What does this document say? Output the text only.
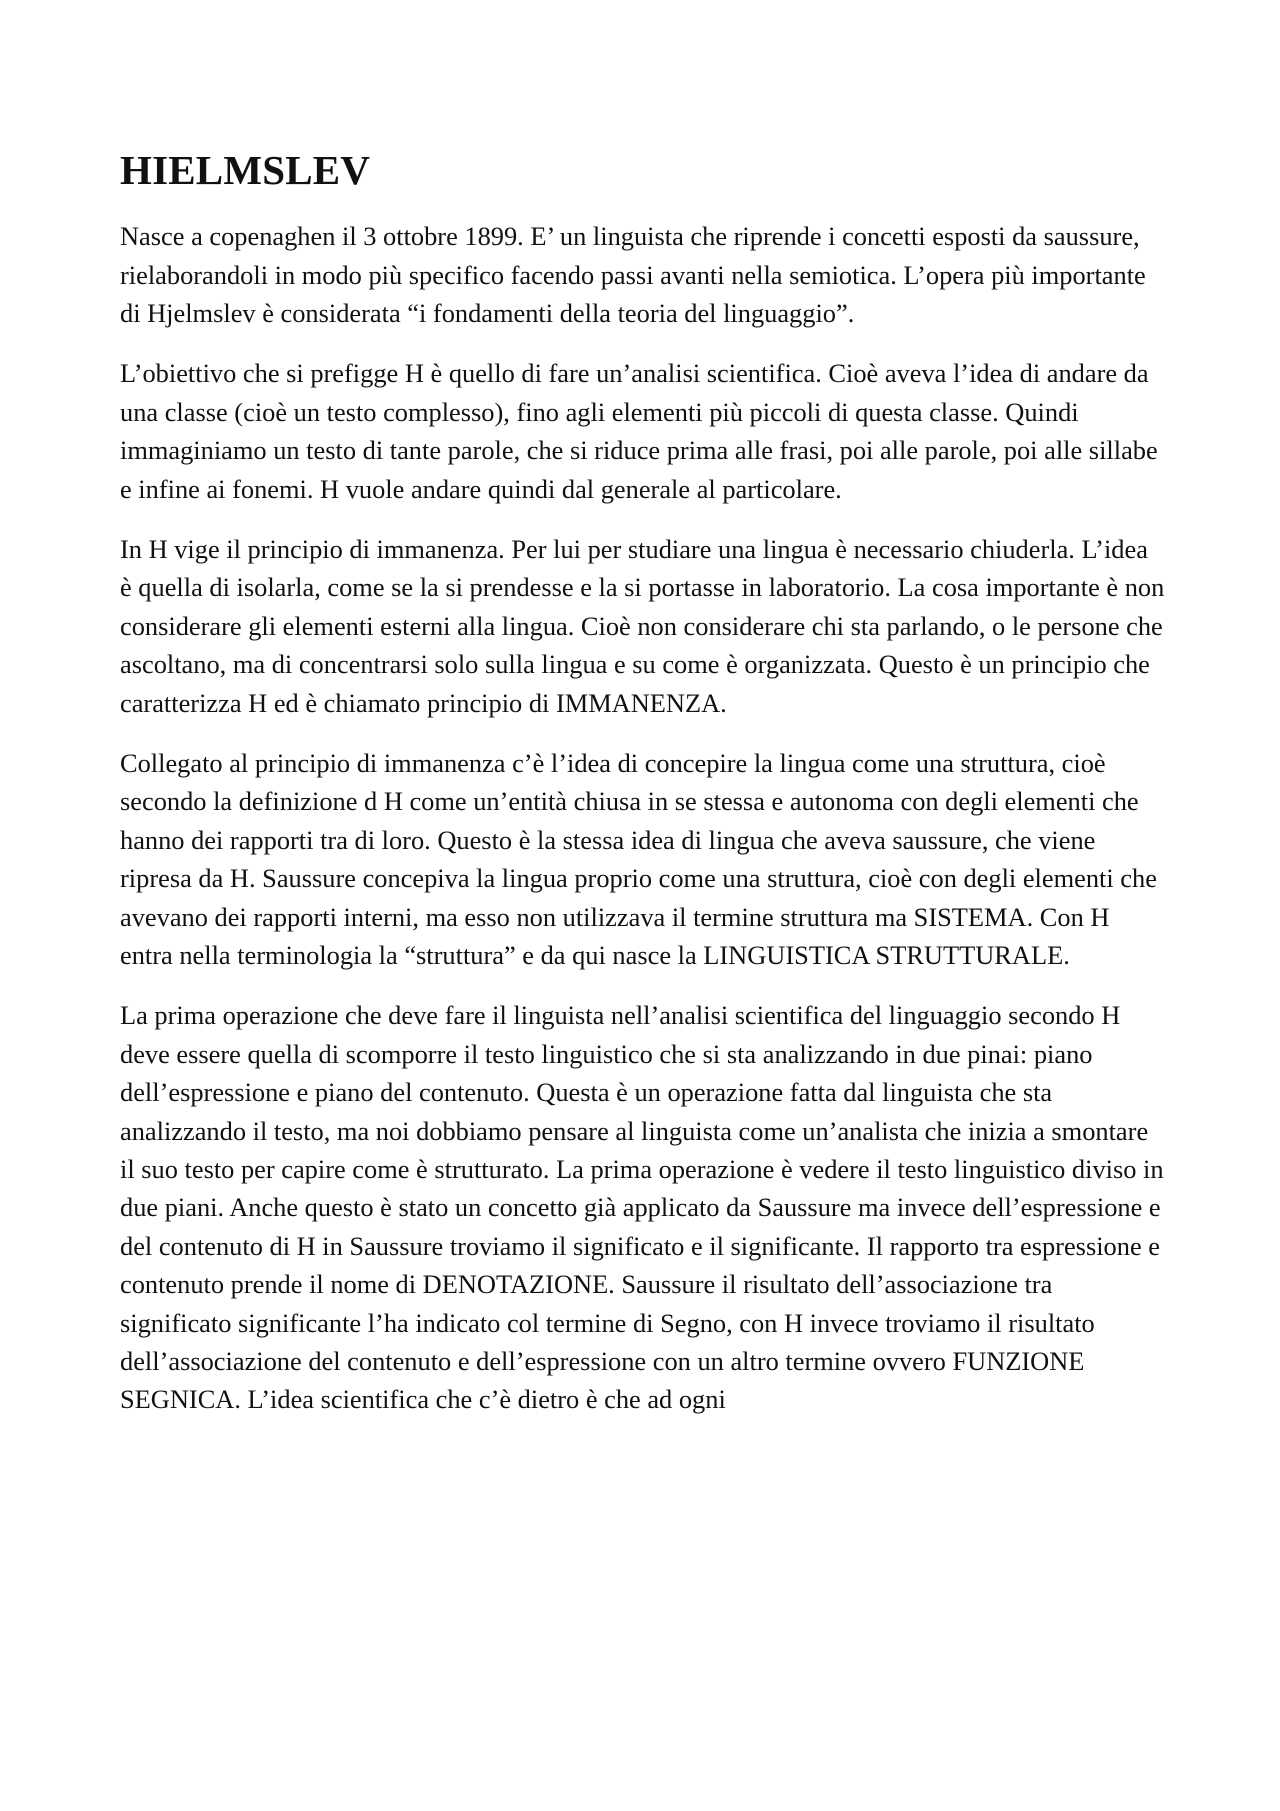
HIELMSLEV

Nasce a copenaghen il 3 ottobre 1899. E’ un linguista che riprende i concetti esposti da saussure, rielaborandoli in modo più specifico facendo passi avanti nella semiotica. L’opera più importante di Hjelmslev è considerata “i fondamenti della teoria del linguaggio”.

L’obiettivo che si prefigge H è quello di fare un’analisi scientifica. Cioè aveva l’idea di andare da una classe (cioè un testo complesso), fino agli elementi più piccoli di questa classe. Quindi immaginiamo un testo di tante parole, che si riduce prima alle frasi, poi alle parole, poi alle sillabe e infine ai fonemi. H vuole andare quindi dal generale al particolare.

In H vige il principio di immanenza. Per lui per studiare una lingua è necessario chiuderla. L’idea è quella di isolarla, come se la si prendesse e la si portasse in laboratorio. La cosa importante è non considerare gli elementi esterni alla lingua. Cioè non considerare chi sta parlando, o le persone che ascoltano, ma di concentrarsi solo sulla lingua e su come è organizzata. Questo è un principio che caratterizza H ed è chiamato principio di IMMANENZA.

Collegato al principio di immanenza c’è l’idea di concepire la lingua come una struttura, cioè secondo la definizione d H come un’entità chiusa in se stessa e autonoma con degli elementi che hanno dei rapporti tra di loro. Questo è la stessa idea di lingua che aveva saussure, che viene ripresa da H. Saussure concepiva la lingua proprio come una struttura, cioè con degli elementi che avevano dei rapporti interni, ma esso non utilizzava il termine struttura ma SISTEMA. Con H entra nella terminologia la “struttura” e da qui nasce la LINGUISTICA STRUTTURALE.

La prima operazione che deve fare il linguista nell’analisi scientifica del linguaggio secondo H deve essere quella di scomporre il testo linguistico che si sta analizzando in due pinai: piano dell’espressione e piano del contenuto. Questa è un operazione fatta dal linguista che sta analizzando il testo, ma noi dobbiamo pensare al linguista come un’analista che inizia a smontare il suo testo per capire come è strutturato. La prima operazione è vedere il testo linguistico diviso in due piani. Anche questo è stato un concetto già applicato da Saussure ma invece dell’espressione e del contenuto di H in Saussure troviamo il significato e il significante. Il rapporto tra espressione e contenuto prende il nome di DENOTAZIONE. Saussure il risultato dell’associazione tra significato significante l’ha indicato col termine di Segno, con H invece troviamo il risultato dell’associazione del contenuto e dell’espressione con un altro termine ovvero FUNZIONE SEGNICA. L’idea scientifica che c’è dietro è che ad ogni
